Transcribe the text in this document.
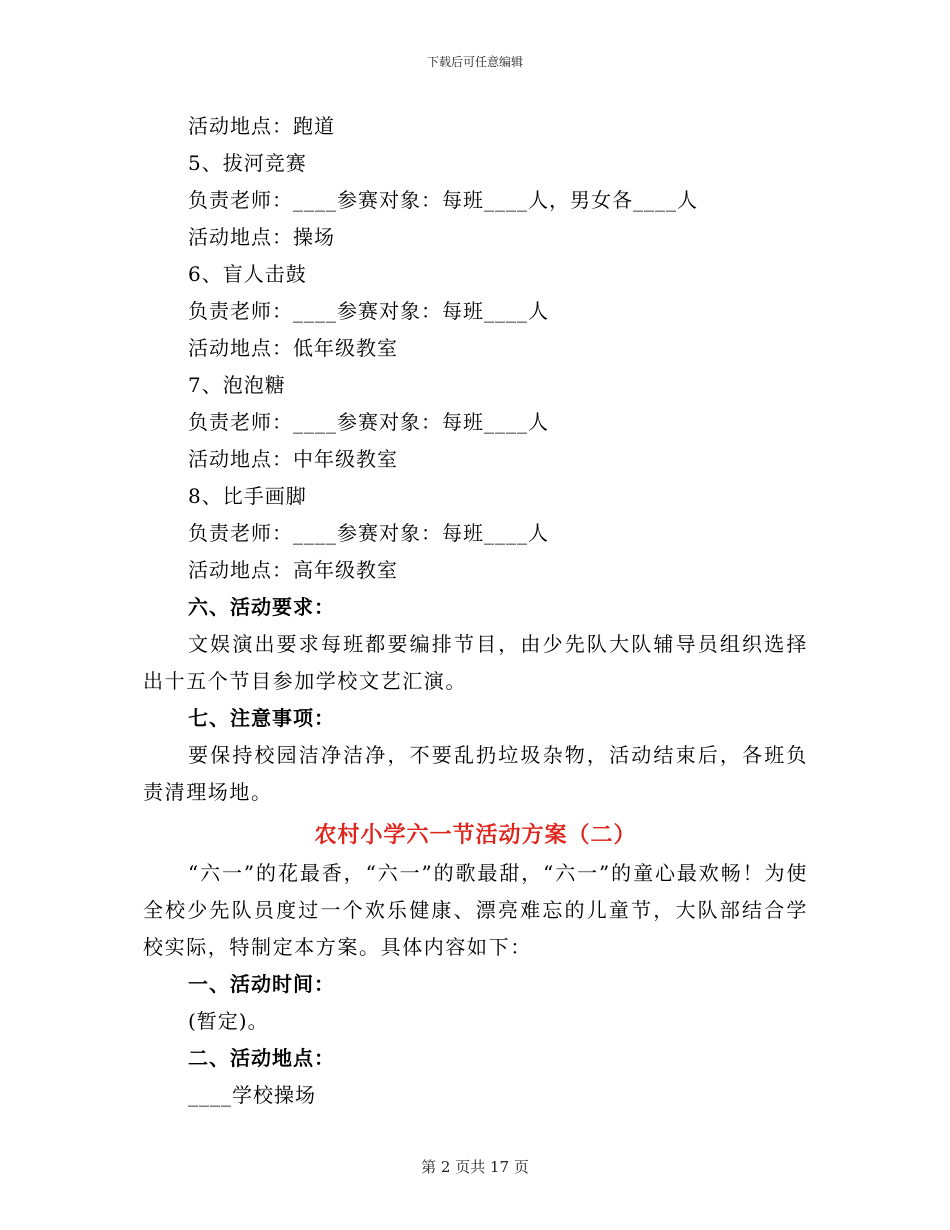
下载后可任意编辑
活动地点：跑道
5、拔河竞赛
负责老师：____参赛对象：每班____人，男女各____人
活动地点：操场
6、盲人击鼓
负责老师：____参赛对象：每班____人
活动地点：低年级教室
7、泡泡糖
负责老师：____参赛对象：每班____人
活动地点：中年级教室
8、比手画脚
负责老师：____参赛对象：每班____人
活动地点：高年级教室
六、活动要求：
文娱演出要求每班都要编排节目，由少先队大队辅导员组织选择出十五个节目参加学校文艺汇演。
七、注意事项：
要保持校园洁净洁净，不要乱扔垃圾杂物，活动结束后，各班负责清理场地。
农村小学六一节活动方案（二）
“六一”的花最香，“六一”的歌最甜，“六一”的童心最欢畅！为使全校少先队员度过一个欢乐健康、漂亮难忘的儿童节，大队部结合学校实际，特制定本方案。具体内容如下：
一、活动时间：
(暂定)。
二、活动地点：
____学校操场
第 2 页共 17 页
